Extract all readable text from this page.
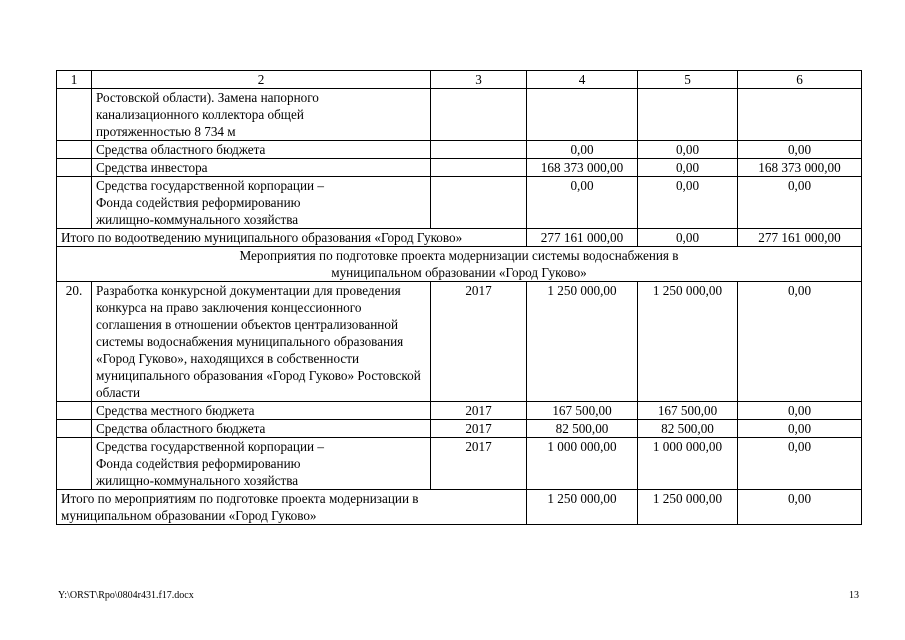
1	2	3	4	5	6
	Ростовской области). Замена напорного канализационного коллектора общей протяженностью 8 734 м				
	Средства областного бюджета		0,00	0,00	0,00
	Средства инвестора		168 373 000,00	0,00	168 373 000,00
	Средства государственной корпорации – Фонда содействия реформированию жилищно-коммунального хозяйства		0,00	0,00	0,00
Итого по водоотведению муниципального образования «Город Гуково»			277 161 000,00	0,00	277 161 000,00
Мероприятия по подготовке проекта модернизации системы водоснабжения в муниципальном образовании «Город Гуково»					
20.	Разработка конкурсной документации для проведения конкурса на право заключения концессионного соглашения в отношении объектов централизованной системы водоснабжения муниципального образования «Город Гуково», находящихся в собственности муниципального образования «Город Гуково» Ростовской области	2017	1 250 000,00	1 250 000,00	0,00
	Средства местного бюджета	2017	167 500,00	167 500,00	0,00
	Средства областного бюджета	2017	82 500,00	82 500,00	0,00
	Средства государственной корпорации – Фонда содействия реформированию жилищно-коммунального хозяйства	2017	1 000 000,00	1 000 000,00	0,00
Итого по мероприятиям по подготовке проекта модернизации в муниципальном образовании «Город Гуково»			1 250 000,00	1 250 000,00	0,00
Y:\ORST\Rpo\0804r431.f17.docx	13
